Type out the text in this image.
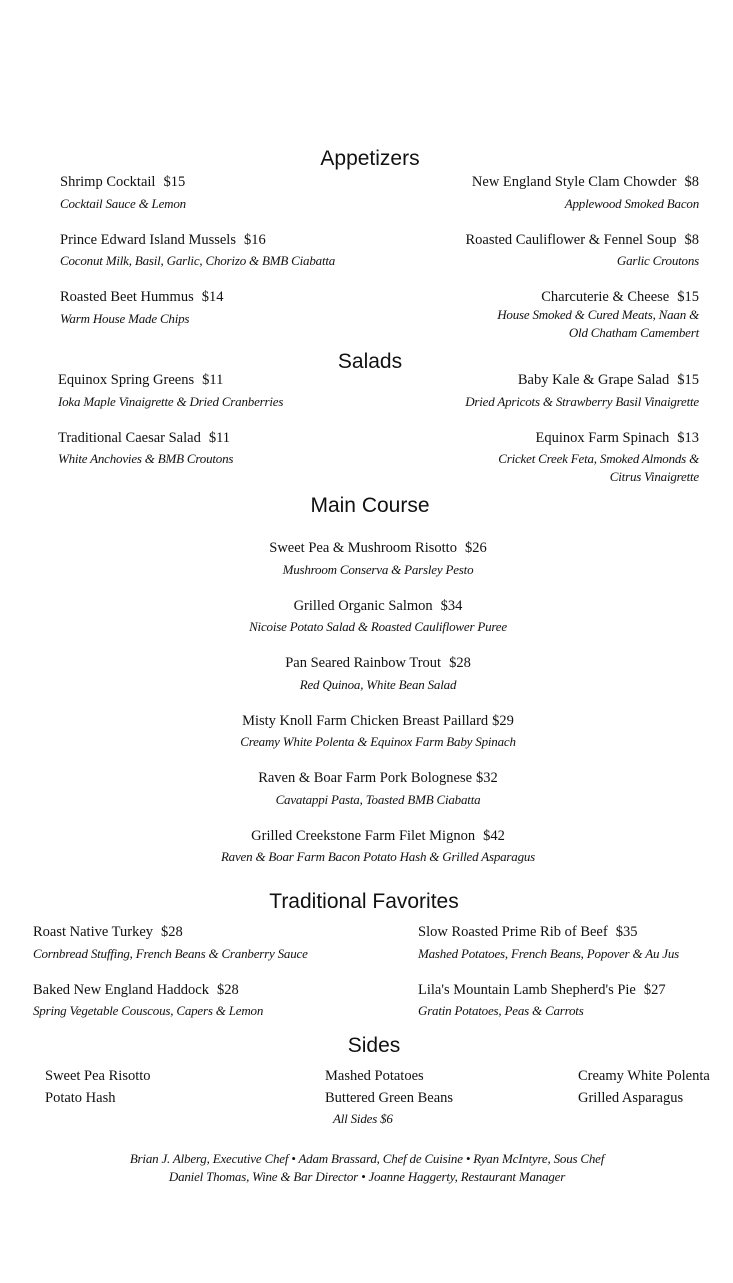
Appetizers
Shrimp Cocktail $15
Cocktail Sauce & Lemon
Prince Edward Island Mussels $16
Coconut Milk, Basil, Garlic, Chorizo & BMB Ciabatta
Roasted Beet Hummus $14
Warm House Made Chips
New England Style Clam Chowder $8
Applewood Smoked Bacon
Roasted Cauliflower & Fennel Soup $8
Garlic Croutons
Charcuterie & Cheese $15
House Smoked & Cured Meats, Naan &
Old Chatham Camembert
Salads
Equinox Spring Greens $11
Ioka Maple Vinaigrette & Dried Cranberries
Traditional Caesar Salad $11
White Anchovies & BMB Croutons
Baby Kale & Grape Salad $15
Dried Apricots & Strawberry Basil Vinaigrette
Equinox Farm Spinach $13
Cricket Creek Feta, Smoked Almonds &
Citrus Vinaigrette
Main Course
Sweet Pea & Mushroom Risotto $26
Mushroom Conserva & Parsley Pesto
Grilled Organic Salmon $34
Nicoise Potato Salad & Roasted Cauliflower Puree
Pan Seared Rainbow Trout $28
Red Quinoa, White Bean Salad
Misty Knoll Farm Chicken Breast Paillard $29
Creamy White Polenta & Equinox Farm Baby Spinach
Raven & Boar Farm Pork Bolognese $32
Cavatappi Pasta, Toasted BMB Ciabatta
Grilled Creekstone Farm Filet Mignon $42
Raven & Boar Farm Bacon Potato Hash & Grilled Asparagus
Traditional Favorites
Roast Native Turkey $28
Cornbread Stuffing, French Beans & Cranberry Sauce
Baked New England Haddock $28
Spring Vegetable Couscous, Capers & Lemon
Slow Roasted Prime Rib of Beef $35
Mashed Potatoes, French Beans, Popover & Au Jus
Lila's Mountain Lamb Shepherd's Pie $27
Gratin Potatoes, Peas & Carrots
Sides
Sweet Pea Risotto
Potato Hash
Mashed Potatoes
Buttered Green Beans
Creamy White Polenta
Grilled Asparagus
All Sides $6
Brian J. Alberg, Executive Chef • Adam Brassard, Chef de Cuisine • Ryan McIntyre, Sous Chef
Daniel Thomas, Wine & Bar Director • Joanne Haggerty, Restaurant Manager
